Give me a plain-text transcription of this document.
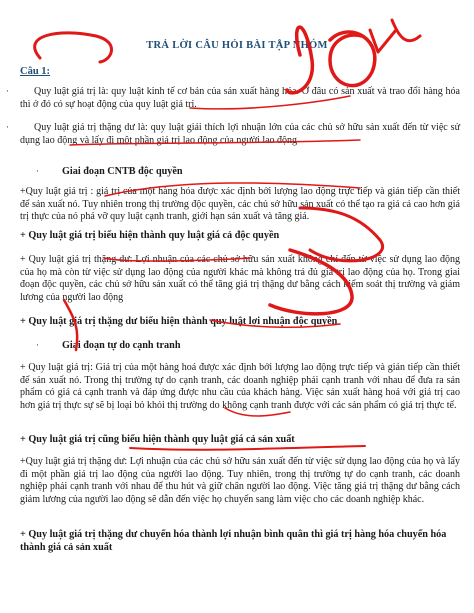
TRẢ LỜI CÂU HỎI BÀI TẬP NHÓM
Câu 1:
·	Quy luật giá trị là: quy luật kinh tế cơ bản của sản xuất hàng hóa. Ở đâu có sản xuất và trao đổi hàng hóa thì ở đó có sự hoạt động của quy luật giá trị.
·	Quy luật giá trị thặng dư là: quy luật giải thích lợi nhuận lớn của các chủ sở hữu sản xuất đến từ việc sử dụng lao động và lấy đi một phần giá trị lao động của người lao động
· Giai đoạn CNTB độc quyền
+Quy luật giá trị : giá trị của một hàng hóa được xác định bởi lượng lao động trực tiếp và gián tiếp cần thiết để sản xuất nó. Tuy nhiên trong thị trường độc quyền, các chủ sở hữu sản xuất có thể tạo ra giá cả cao hơn giá trị thực của nó phá vỡ quy luật cạnh tranh, giới hạn sản xuất và tăng giá.
+ Quy luật giá trị biểu hiện thành quy luật giá cả độc quyền
+ Quy luật giá trị thặng dư: Lợi nhuận của các chủ sở hữu sản xuất không chỉ đến từ việc sử dụng lao động của họ mà còn từ việc sử dụng lao động của người khác mà không trả đủ giá trị lao động của họ. Trong giai đoạn độc quyền, các chủ sở hữu sản xuất có thể tăng giá trị thặng dư bằng cách kiểm soát thị trường và giảm lương của người lao động
+ Quy luật giá trị thặng dư biểu hiện thành quy luật lợi nhuận độc quyền
· Giai đoạn tự do cạnh tranh
+ Quy luật giá trị: Giá trị của một hàng hoá được xác định bởi lượng lao động trực tiếp và gián tiếp cần thiết để sản xuất nó. Trong thị trường tự do cạnh tranh, các doanh nghiệp phải cạnh tranh với nhau để đưa ra sản phẩm có giá cả cạnh tranh và đáp ứng được nhu cầu của khách hàng. Việc sản xuất hàng hoá với giá trị cao hơn giá trị thực sự sẽ bị loại bỏ khỏi thị trường do không cạnh tranh được với các sản phẩm có giá trị thực tế.
+ Quy luật giá trị cũng biểu hiện thành quy luật giá cả sản xuất
+Quy luật giá trị thặng dư: Lợi nhuận của các chủ sở hữu sản xuất đến từ việc sử dụng lao động của họ và lấy đi một phần giá trị lao động của người lao động. Tuy nhiên, trong thị trường tự do cạnh tranh, các doanh nghiệp phải cạnh tranh với nhau để thu hút và giữ chân người lao động. Việc tăng giá trị thặng dư bằng cách giảm lương của người lao động sẽ dẫn đến việc họ chuyển sang làm việc cho các doanh nghiệp khác.
+ Quy luật giá trị thặng dư chuyển hóa thành lợi nhuận bình quân thì giá trị hàng hóa chuyển hóa thành giá cả sản xuất
10
